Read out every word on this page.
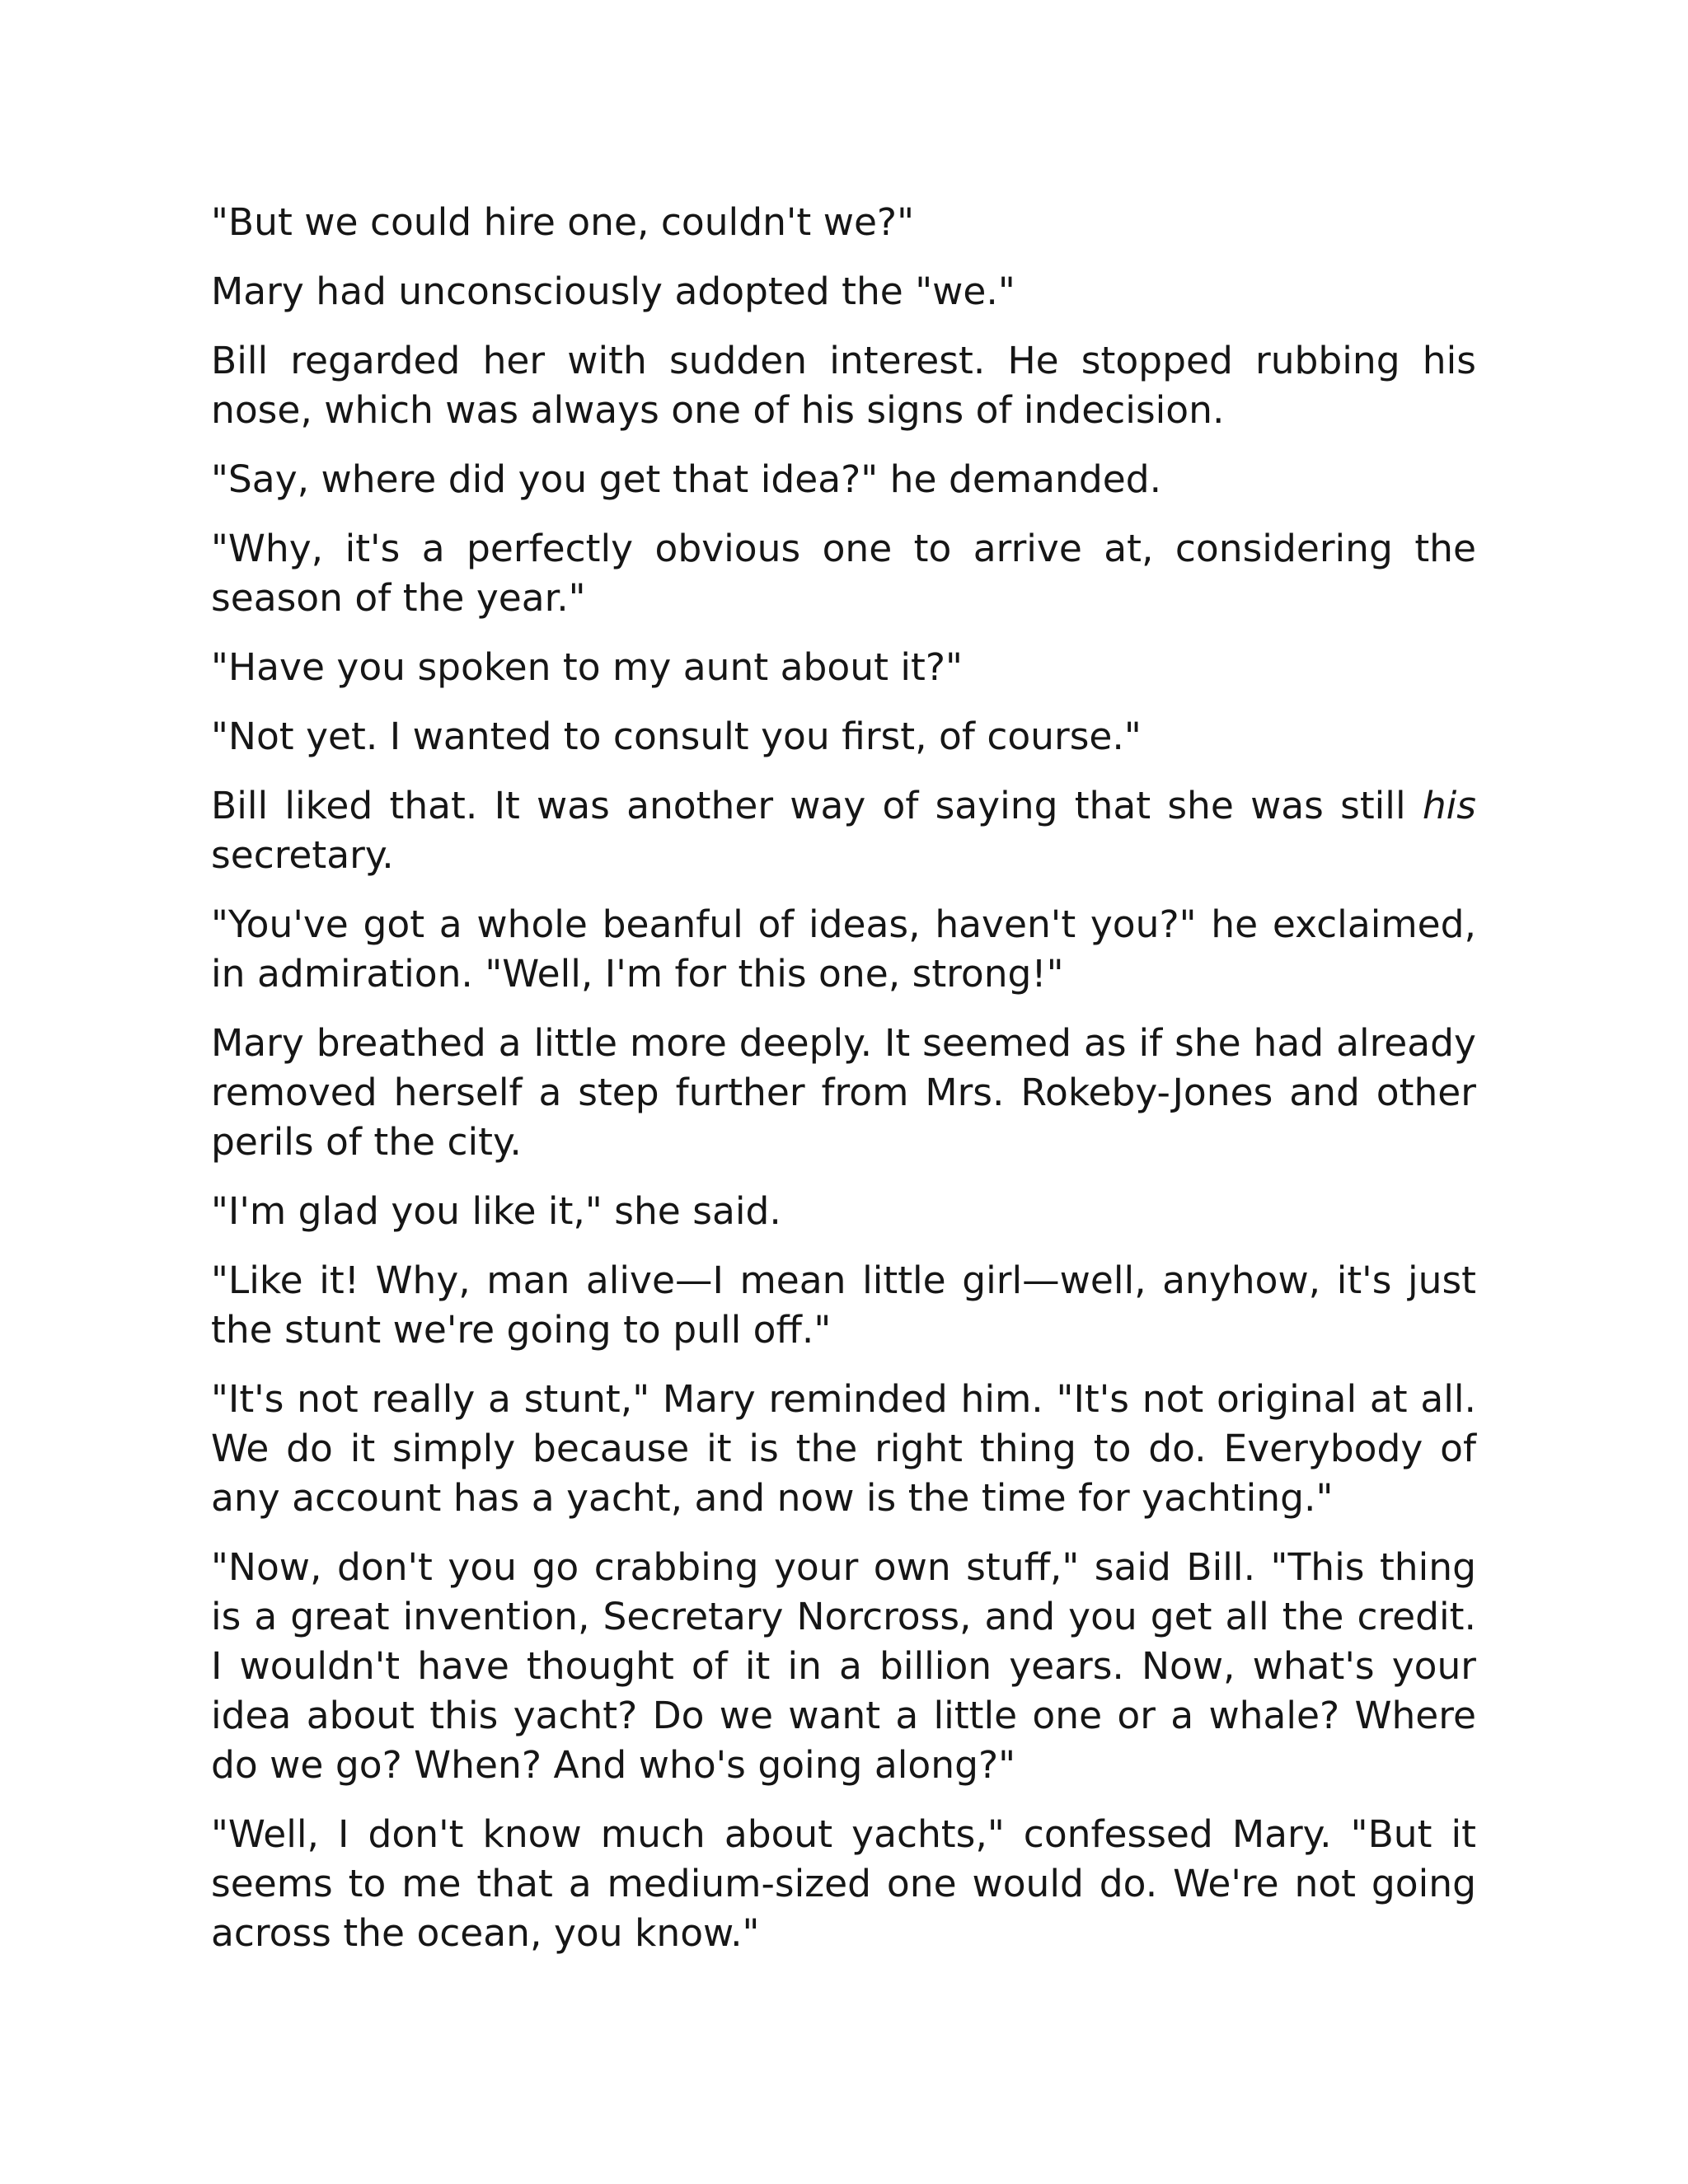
"But we could hire one, couldn't we?"

Mary had unconsciously adopted the "we."

Bill regarded her with sudden interest. He stopped rubbing his nose, which was always one of his signs of indecision.

"Say, where did you get that idea?" he demanded.

"Why, it's a perfectly obvious one to arrive at, considering the season of the year."

"Have you spoken to my aunt about it?"

"Not yet. I wanted to consult you first, of course."

Bill liked that. It was another way of saying that she was still his secretary.

"You've got a whole beanful of ideas, haven't you?" he exclaimed, in admiration. "Well, I'm for this one, strong!"

Mary breathed a little more deeply. It seemed as if she had already removed herself a step further from Mrs. Rokeby-Jones and other perils of the city.

"I'm glad you like it," she said.

"Like it! Why, man alive—I mean little girl—well, anyhow, it's just the stunt we're going to pull off."

"It's not really a stunt," Mary reminded him. "It's not original at all. We do it simply because it is the right thing to do. Everybody of any account has a yacht, and now is the time for yachting."

"Now, don't you go crabbing your own stuff," said Bill. "This thing is a great invention, Secretary Norcross, and you get all the credit. I wouldn't have thought of it in a billion years. Now, what's your idea about this yacht? Do we want a little one or a whale? Where do we go? When? And who's going along?"

"Well, I don't know much about yachts," confessed Mary. "But it seems to me that a medium-sized one would do. We're not going across the ocean, you know."
